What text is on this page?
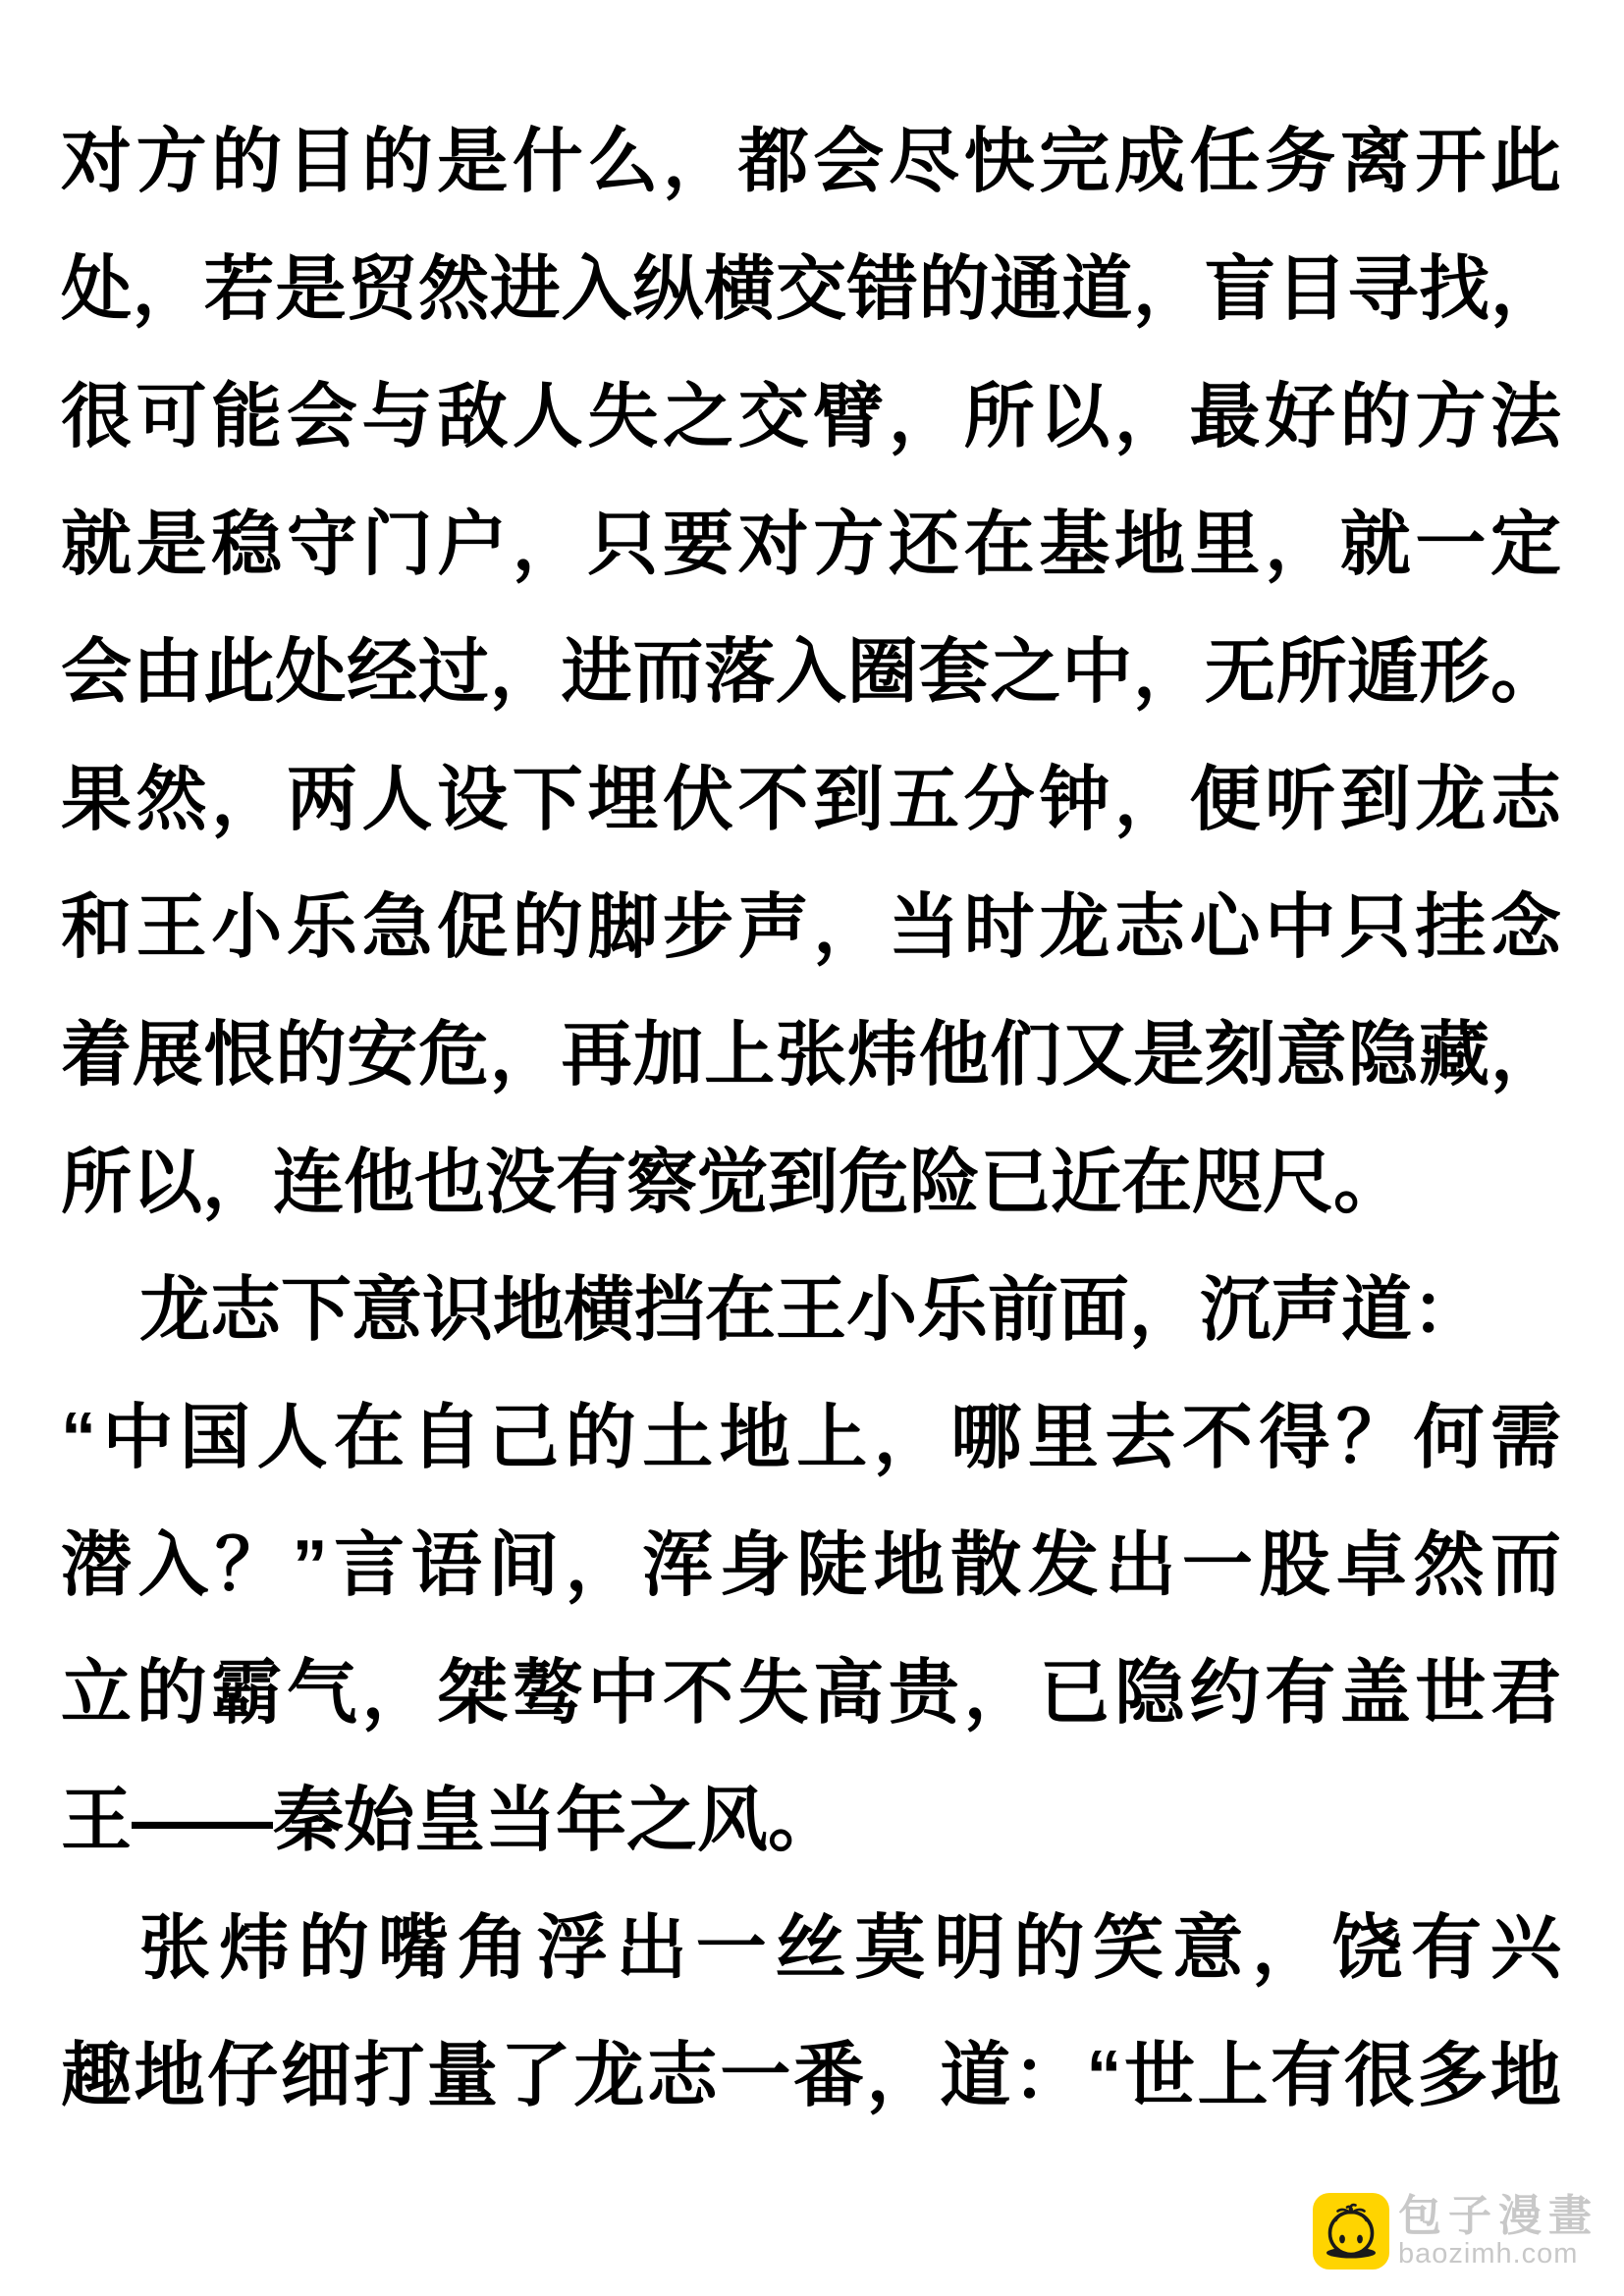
对方的目的是什么，都会尽快完成任务离开此
处，若是贸然进入纵横交错的通道，盲目寻找，
很可能会与敌人失之交臂，所以，最好的方法
就是稳守门户，只要对方还在基地里，就一定
会由此处经过，进而落入圈套之中，无所遁形。
果然，两人设下埋伏不到五分钟，便听到龙志
和王小乐急促的脚步声，当时龙志心中只挂念
着展恨的安危，再加上张炜他们又是刻意隐藏，
所以，连他也没有察觉到危险已近在咫尺。
龙志下意识地横挡在王小乐前面，沉声道：
“中国人在自己的土地上，哪里去不得？何需
潜入？”言语间，浑身陡地散发出一股卓然而
立的霸气，桀骜中不失高贵，已隐约有盖世君
王——秦始皇当年之风。
张炜的嘴角浮出一丝莫明的笑意，饶有兴
趣地仔细打量了龙志一番，道：“世上有很多地
包子漫畫
baozimh.com
